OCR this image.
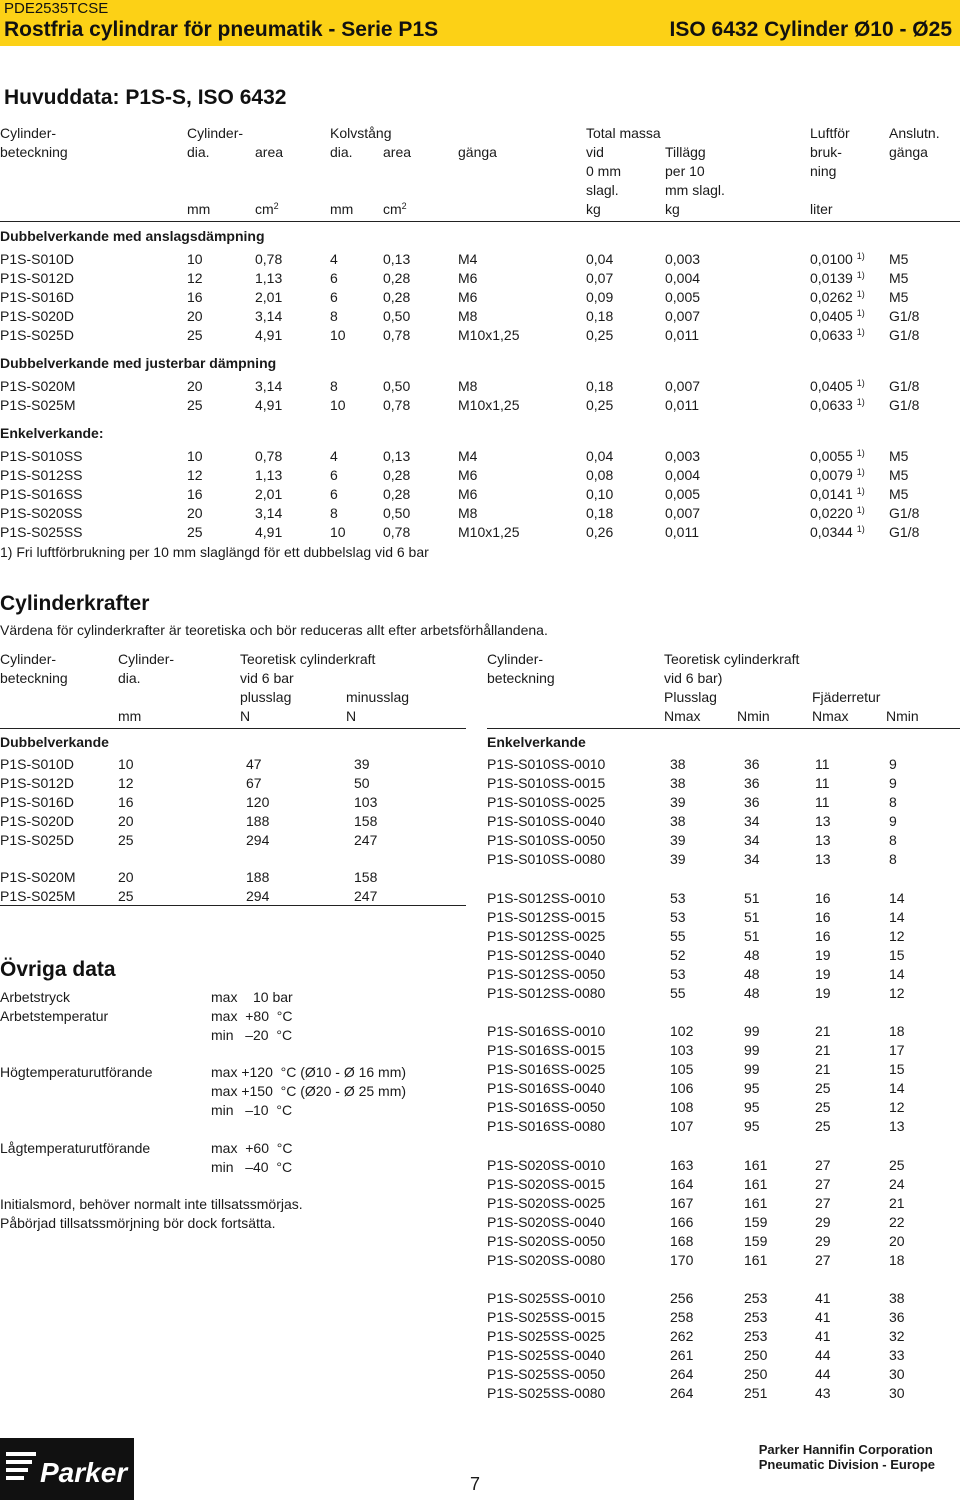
PDE2535TCSE
Rostfria cylindrar för pneumatik - Serie P1S	ISO 6432 Cylinder Ø10 - Ø25
Huvuddata: P1S-S, ISO 6432
Cylinder-
beteckning
Cylinder-
dia.	area
Kolvstång
dia. area	gänga
Total massa
vid
0 mm
slagl.
Tillägg
per 10
mm slagl.
Luftför
bruk-
ning
Anslutn.
gänga
mm	$cm^2$	mm $cm^2$	kg	kg	liter
Dubbelverkande med anslagsdämpning
P1S-S010D	10	0,78	4	0,13	M4	0,04	0,003	0,0100 $^{1)}$ M5
P1S-S012D	12	1,13	6	0,28	M6	0,07	0,004	0,0139 $^{1)}$ M5
P1S-S016D	16	2,01	6	0,28	M6	0,09	0,005	0,0262 $^{1)}$ M5
P1S-S020D	20	3,14	8	0,50	M8	0,18	0,007	0,0405 $^{1)}$ G1/8
P1S-S025D	25	4,91	10	0,78	M10x1,25	0,25	0,011	0,0633 $^{1)}$ G1/8
Dubbelverkande med justerbar dämpning
P1S-S020M	20	3,14	8	0,50	M8	0,18	0,007	0,0405 $^{1)}$ G1/8
P1S-S025M	25	4,91	10	0,78	M10x1,25	0,25	0,011	0,0633 $^{1)}$ G1/8
Enkelverkande:
P1S-S010SS	10	0,78	4	0,13	M4	0,04	0,003	0,0055 $^{1)}$ M5
P1S-S012SS	12	1,13	6	0,28	M6	0,08	0,004	0,0079 $^{1)}$ M5
P1S-S016SS	16	2,01	6	0,28	M6	0,10	0,005	0,0141 $^{1)}$ M5
P1S-S020SS	20	3,14	8	0,50	M8	0,18	0,007	0,0220 $^{1)}$ G1/8
P1S-S025SS	25	4,91	10	0,78	M10x1,25	0,26	0,011	0,0344 $^{1)}$ G1/8
1) Fri luftförbrukning per 10 mm slaglängd för ett dubbelslag vid 6 bar
Cylinderkrafter
Värdena för cylinderkrafter är teoretiska och bör reduceras allt efter arbetsförhållandena.
Cylinder-
beteckning
Cylinder-
dia.
mm
Teoretisk cylinderkraft
vid 6 bar
plusslag
N
minusslag
N
Dubbelverkande
P1S-S010D	10	47	39
P1S-S012D	12	67	50
P1S-S016D	16	120	103
P1S-S020D	20	188	158
P1S-S025D	25	294	247
P1S-S020M	20	188	158
P1S-S025M	25	294	247
Cylinder-
beteckning
Teoretisk cylinderkraft
vid 6 bar)
Plusslag
Nmax	Nmin
Fjäderretur
Nmax	Nmin
Enkelverkande
P1S-S010SS-0010	38	36	11	9
P1S-S010SS-0015	38	36	11	9
P1S-S010SS-0025	39	36	11	8
P1S-S010SS-0040	38	34	13	9
P1S-S010SS-0050	39	34	13	8
P1S-S010SS-0080	39	34	13	8
P1S-S012SS-0010	53	51	16	14
P1S-S012SS-0015	53	51	16	14
P1S-S012SS-0025	55	51	16	12
P1S-S012SS-0040	52	48	19	15
P1S-S012SS-0050	53	48	19	14
P1S-S012SS-0080	55	48	19	12
P1S-S016SS-0010	102	99	21	18
P1S-S016SS-0015	103	99	21	17
P1S-S016SS-0025	105	99	21	15
P1S-S016SS-0040	106	95	25	14
P1S-S016SS-0050	108	95	25	12
P1S-S016SS-0080	107	95	25	13
P1S-S020SS-0010	163	161	27	25
P1S-S020SS-0015	164	161	27	24
P1S-S020SS-0025	167	161	27	21
P1S-S020SS-0040	166	159	29	22
P1S-S020SS-0050	168	159	29	20
P1S-S020SS-0080	170	161	27	18
P1S-S025SS-0010	256	253	41	38
P1S-S025SS-0015	258	253	41	36
P1S-S025SS-0025	262	253	41	32
P1S-S025SS-0040	261	250	44	33
P1S-S025SS-0050	264	250	44	30
P1S-S025SS-0080	264	251	43	30
Övriga data
Arbetstryck	max    10 bar
Arbetstemperatur	max  +80  °C
min   –20  °C
Högtemperaturutförande	max +120  °C (Ø10 - Ø 16 mm)
max +150  °C (Ø20 - Ø 25 mm)
min   –10  °C
Lågtemperaturutförande	max  +60  °C
min   –40  °C
Initialsmord, behöver normalt inte tillsatssmörjas.
Påbörjad tillsatssmörjning bör dock fortsätta.
Parker	7
Parker Hannifin Corporation
Pneumatic Division - Europe
